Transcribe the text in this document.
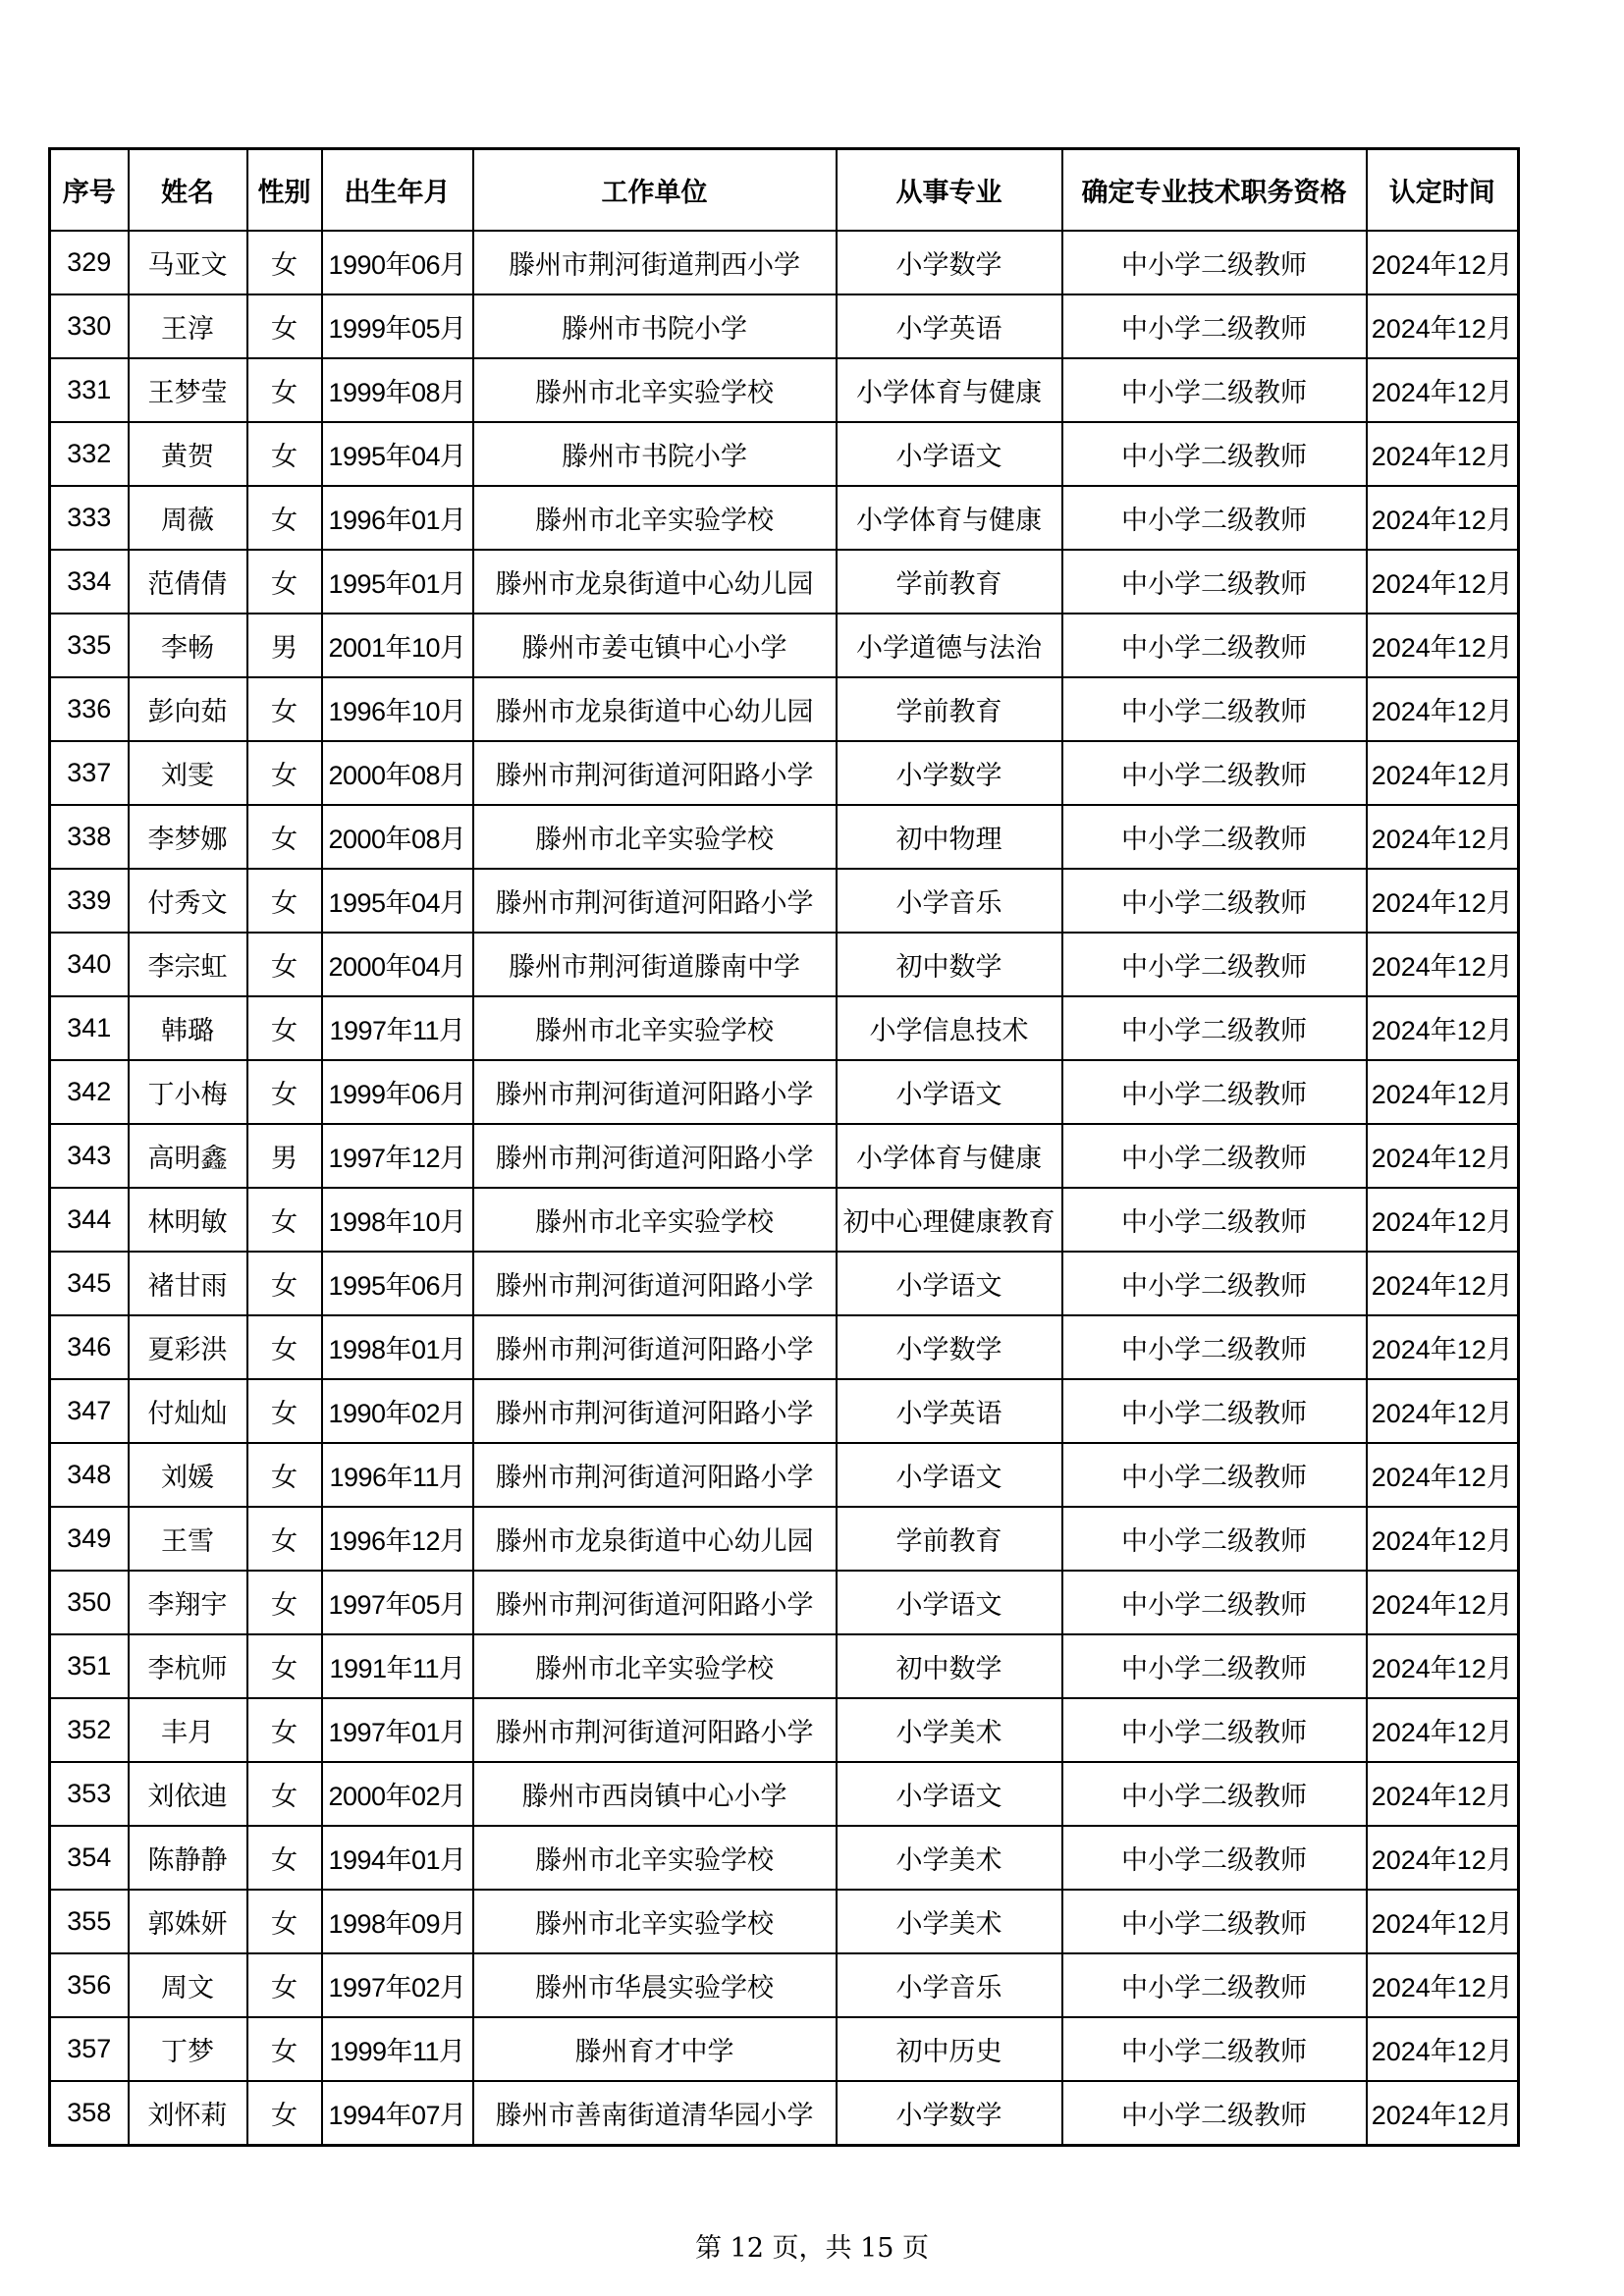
序号	姓名	性别	出生年月	工作单位	从事专业	确定专业技术职务资格	认定时间
329	马亚文	女	1990年06月	滕州市荆河街道荆西小学	小学数学	中小学二级教师	2024年12月
330	王淳	女	1999年05月	滕州市书院小学	小学英语	中小学二级教师	2024年12月
331	王梦莹	女	1999年08月	滕州市北辛实验学校	小学体育与健康	中小学二级教师	2024年12月
332	黄贺	女	1995年04月	滕州市书院小学	小学语文	中小学二级教师	2024年12月
333	周薇	女	1996年01月	滕州市北辛实验学校	小学体育与健康	中小学二级教师	2024年12月
334	范倩倩	女	1995年01月	滕州市龙泉街道中心幼儿园	学前教育	中小学二级教师	2024年12月
335	李畅	男	2001年10月	滕州市姜屯镇中心小学	小学道德与法治	中小学二级教师	2024年12月
336	彭向茹	女	1996年10月	滕州市龙泉街道中心幼儿园	学前教育	中小学二级教师	2024年12月
337	刘雯	女	2000年08月	滕州市荆河街道河阳路小学	小学数学	中小学二级教师	2024年12月
338	李梦娜	女	2000年08月	滕州市北辛实验学校	初中物理	中小学二级教师	2024年12月
339	付秀文	女	1995年04月	滕州市荆河街道河阳路小学	小学音乐	中小学二级教师	2024年12月
340	李宗虹	女	2000年04月	滕州市荆河街道滕南中学	初中数学	中小学二级教师	2024年12月
341	韩璐	女	1997年11月	滕州市北辛实验学校	小学信息技术	中小学二级教师	2024年12月
342	丁小梅	女	1999年06月	滕州市荆河街道河阳路小学	小学语文	中小学二级教师	2024年12月
343	高明鑫	男	1997年12月	滕州市荆河街道河阳路小学	小学体育与健康	中小学二级教师	2024年12月
344	林明敏	女	1998年10月	滕州市北辛实验学校	初中心理健康教育	中小学二级教师	2024年12月
345	褚甘雨	女	1995年06月	滕州市荆河街道河阳路小学	小学语文	中小学二级教师	2024年12月
346	夏彩洪	女	1998年01月	滕州市荆河街道河阳路小学	小学数学	中小学二级教师	2024年12月
347	付灿灿	女	1990年02月	滕州市荆河街道河阳路小学	小学英语	中小学二级教师	2024年12月
348	刘媛	女	1996年11月	滕州市荆河街道河阳路小学	小学语文	中小学二级教师	2024年12月
349	王雪	女	1996年12月	滕州市龙泉街道中心幼儿园	学前教育	中小学二级教师	2024年12月
350	李翔宇	女	1997年05月	滕州市荆河街道河阳路小学	小学语文	中小学二级教师	2024年12月
351	李杭师	女	1991年11月	滕州市北辛实验学校	初中数学	中小学二级教师	2024年12月
352	丰月	女	1997年01月	滕州市荆河街道河阳路小学	小学美术	中小学二级教师	2024年12月
353	刘依迪	女	2000年02月	滕州市西岗镇中心小学	小学语文	中小学二级教师	2024年12月
354	陈静静	女	1994年01月	滕州市北辛实验学校	小学美术	中小学二级教师	2024年12月
355	郭姝妍	女	1998年09月	滕州市北辛实验学校	小学美术	中小学二级教师	2024年12月
356	周文	女	1997年02月	滕州市华晨实验学校	小学音乐	中小学二级教师	2024年12月
357	丁梦	女	1999年11月	滕州育才中学	初中历史	中小学二级教师	2024年12月
358	刘怀莉	女	1994年07月	滕州市善南街道清华园小学	小学数学	中小学二级教师	2024年12月
第 12 页，共 15 页
